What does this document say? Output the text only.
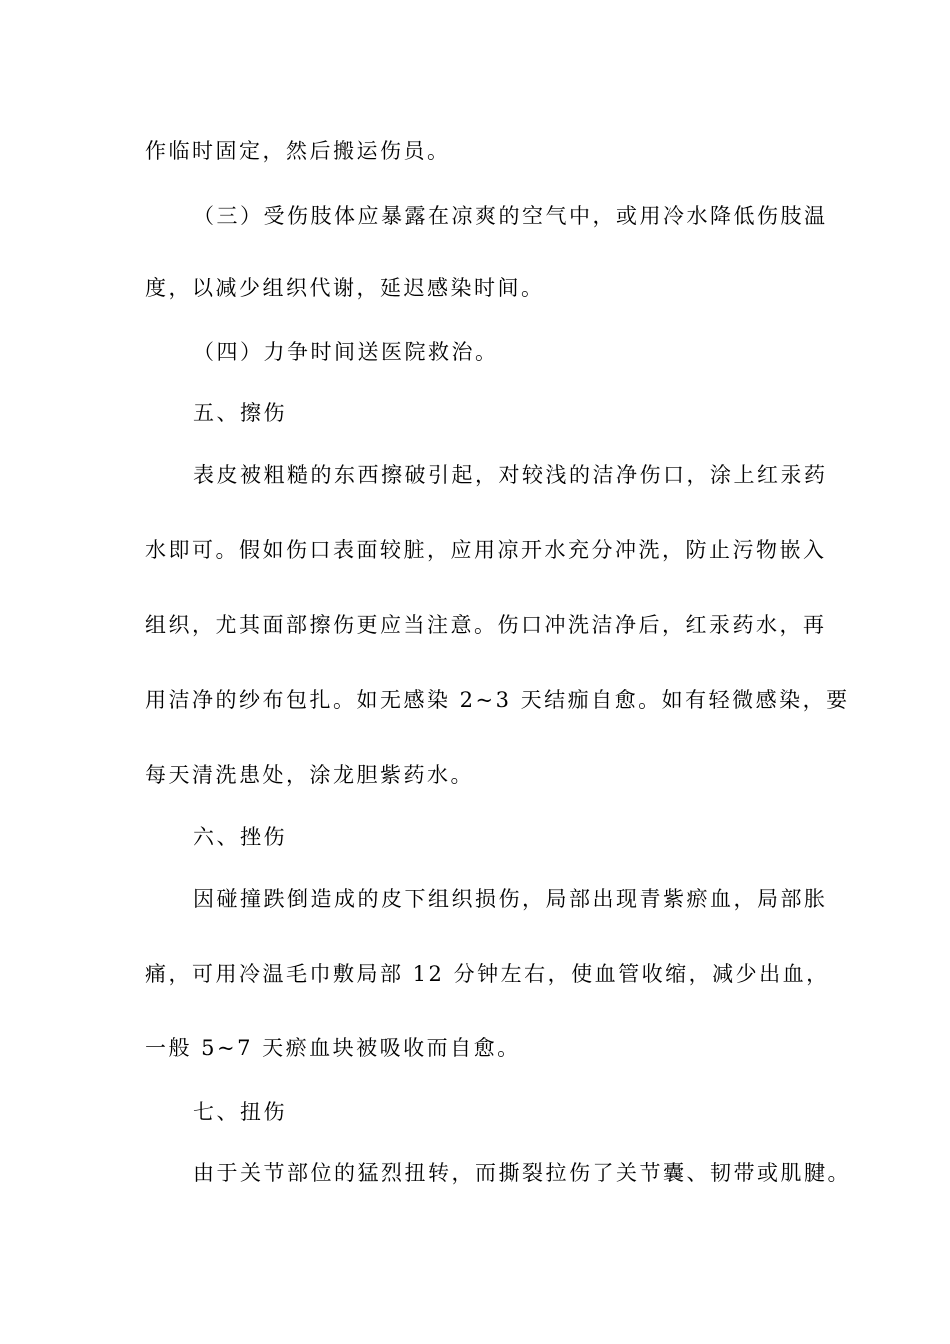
作临时固定，然后搬运伤员。
（三）受伤肢体应暴露在凉爽的空气中，或用冷水降低伤肢温
度，以减少组织代谢，延迟感染时间。
（四）力争时间送医院救治。
五、擦伤
表皮被粗糙的东西擦破引起，对较浅的洁净伤口，涂上红汞药
水即可。假如伤口表面较脏，应用凉开水充分冲洗，防止污物嵌入
组织，尤其面部擦伤更应当注意。伤口冲洗洁净后，红汞药水，再
用洁净的纱布包扎。如无感染 2~3 天结痂自愈。如有轻微感染，要
每天清洗患处，涂龙胆紫药水。
六、挫伤
因碰撞跌倒造成的皮下组织损伤，局部出现青紫瘀血，局部胀
痛，可用冷温毛巾敷局部 12 分钟左右，使血管收缩，减少出血，
一般 5~7 天瘀血块被吸收而自愈。
七、扭伤
由于关节部位的猛烈扭转，而撕裂拉伤了关节囊、韧带或肌腱。
